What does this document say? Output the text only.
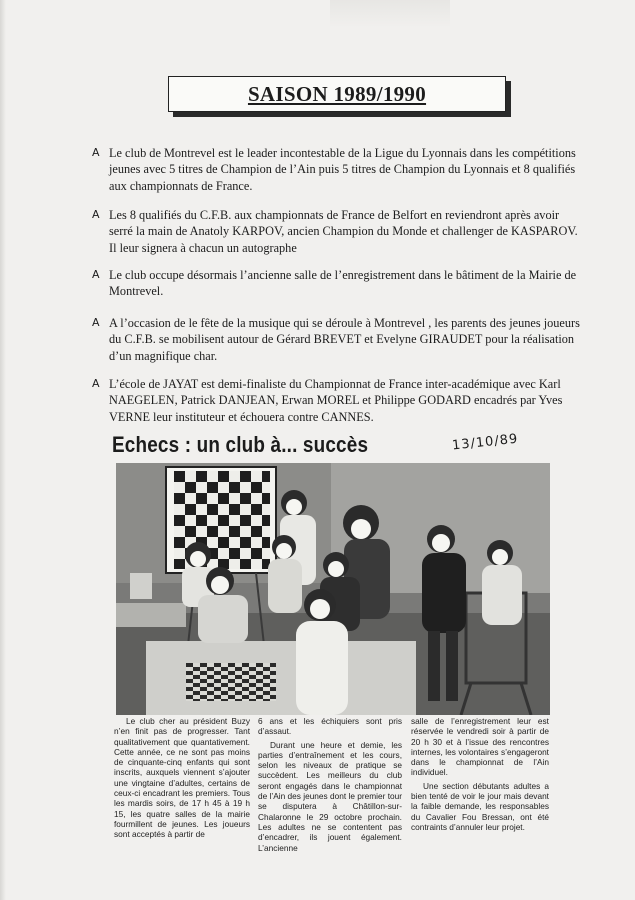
SAISON 1989/1990
𝖠 Le club de Montrevel est le leader incontestable de la Ligue du Lyonnais dans les compétitions jeunes avec 5 titres de Champion de l’Ain puis 5 titres de Champion du Lyonnais et 8 qualifiés aux championnats de France.
𝖠 Les 8 qualifiés du C.F.B. aux championnats de France de Belfort en reviendront après avoir serré la main de Anatoly KARPOV, ancien Champion du Monde et challenger de KASPAROV. Il leur signera à chacun un autographe
𝖠 Le club occupe désormais l’ancienne salle de l’enregistrement dans le bâtiment de la Mairie de Montrevel.
𝖠 A l’occasion de le fête de la musique qui se déroule à Montrevel , les parents des jeunes joueurs du C.F.B. se mobilisent autour de Gérard BREVET et Evelyne GIRAUDET pour la réalisation d’un magnifique char.
𝖠 L’école de JAYAT est demi-finaliste du Championnat de France inter-académique avec Karl NAEGELEN, Patrick DANJEAN, Erwan MOREL et Philippe GODARD encadrés par Yves VERNE leur instituteur et échouera contre CANNES.
Echecs : un club à... succès	13/10/89

Le club cher au président Buzy n’en finit pas de progresser. Tant qualitativement que quantativement. Cette année, ce ne sont pas moins de cinquante-cinq enfants qui sont inscrits, auxquels viennent s’ajouter une vingtaine d’adultes, certains de ceux-ci encadrant les premiers. Tous les mardis soirs, de 17 h 45 à 19 h 15, les quatre salles de la mairie fourmillent de jeunes. Les joueurs sont acceptés à partir de

6 ans et les échiquiers sont pris d’assaut.

Durant une heure et demie, les parties d’entraînement et les cours, selon les niveaux de pratique se succèdent. Les meilleurs du club seront engagés dans le championnat de l’Ain des jeunes dont le premier tour se disputera à Châtillon-sur-Chalaronne le 29 octobre prochain. Les adultes ne se contentent pas d’encadrer, ils jouent également. L’ancienne

salle de l’enregistrement leur est réservée le vendredi soir à partir de 20 h 30 et à l’issue des rencontres internes, les volontaires s’engageront dans le championnat de l’Ain individuel.

Une section débutants adultes a bien tenté de voir le jour mais devant la faible demande, les responsables du Cavalier Fou Bressan, ont été contraints d’annuler leur projet.
